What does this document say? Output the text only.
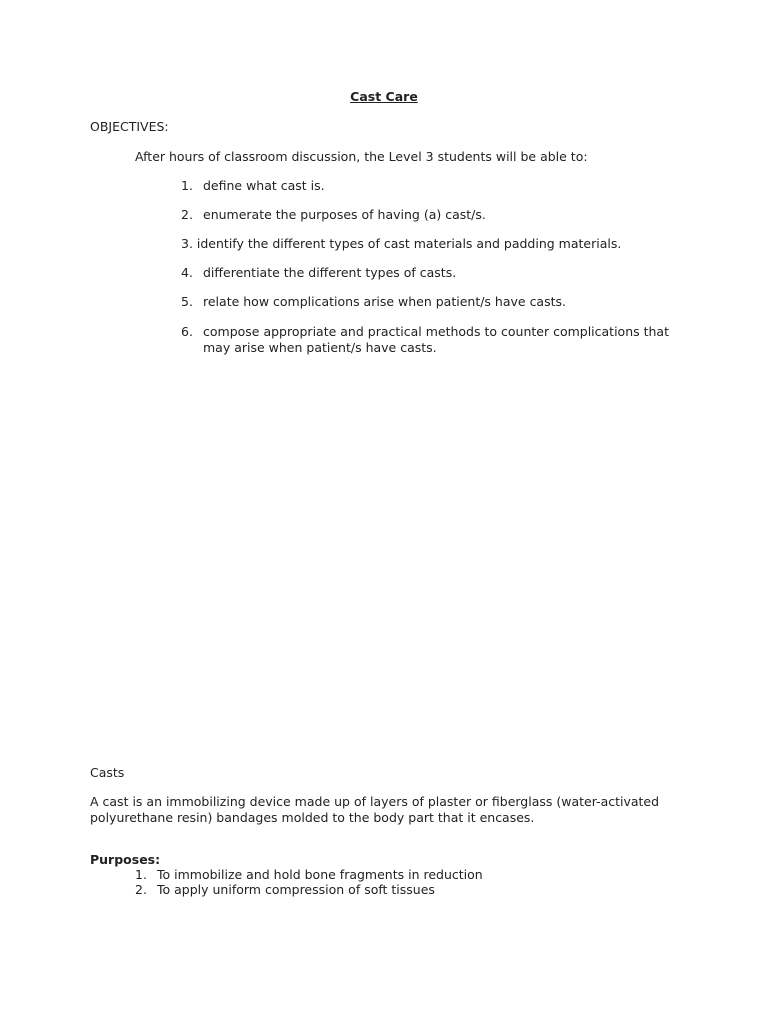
Cast Care
OBJECTIVES:
After hours of classroom discussion, the Level 3 students will be able to:
1. define what cast is.
2. enumerate the purposes of having (a) cast/s.
3. identify the different types of cast materials and padding materials.
4. differentiate the different types of casts.
5. relate how complications arise when patient/s have casts.
6. compose appropriate and practical methods to counter complications that may arise when patient/s have casts.
Casts
A cast is an immobilizing device made up of layers of plaster or fiberglass (water-activated polyurethane resin) bandages molded to the body part that it encases.
Purposes:
1. To immobilize and hold bone fragments in reduction
2. To apply uniform compression of soft tissues
